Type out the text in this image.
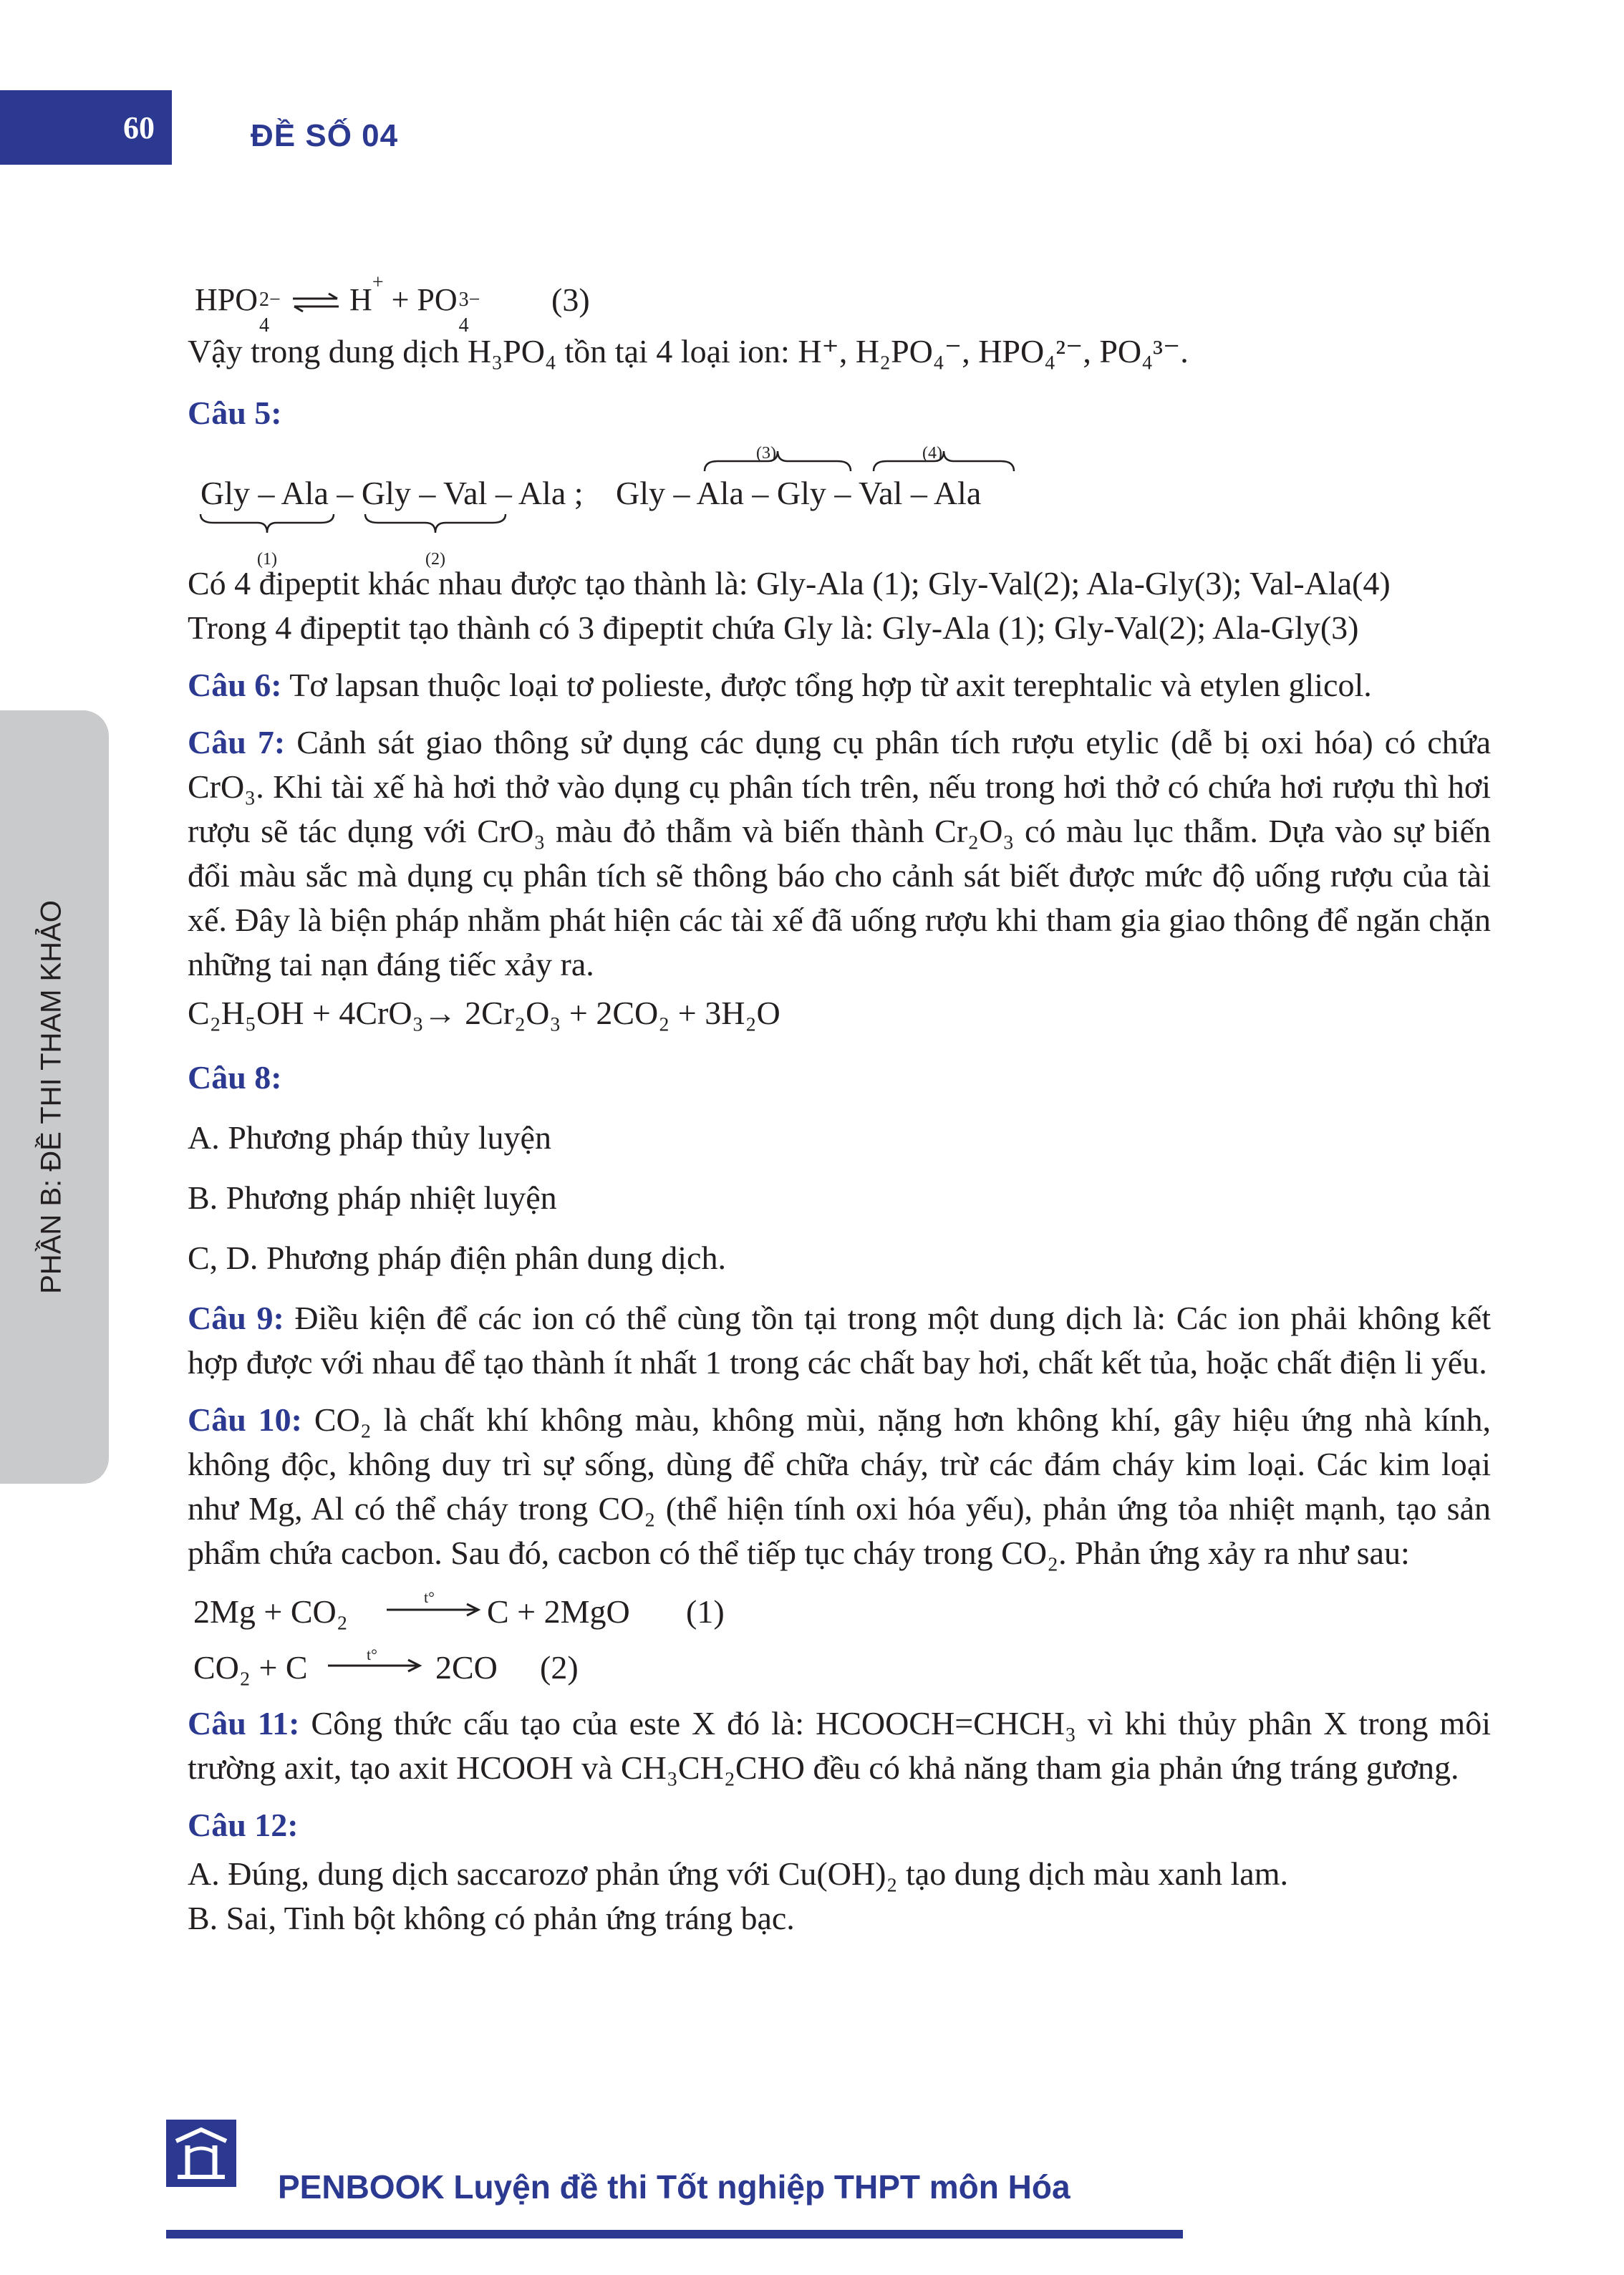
60	ĐỀ SỐ 04
PHẦN B: ĐỀ THI THAM KHẢO
HPO 2−
4
⇌ H+ + PO 3−
4
(3)

Vậy trong dung dịch H₃PO₄ tồn tại 4 loại ion: H⁺, H₂PO₄⁻, HPO₄²⁻, PO₄³⁻.

Câu 5:

Gly – Ala – Gly – Val – Ala ; Gly – Ala – Gly – Val – Ala
(1)	(2)
(3)	(4)

Có 4 đipeptit khác nhau được tạo thành là: Gly-Ala (1); Gly-Val(2); Ala-Gly(3); Val-Ala(4)

Trong 4 đipeptit tạo thành có 3 đipeptit chứa Gly là: Gly-Ala (1); Gly-Val(2); Ala-Gly(3)

Câu 6: Tơ lapsan thuộc loại tơ polieste, được tổng hợp từ axit terephtalic và etylen glicol.

Câu 7: Cảnh sát giao thông sử dụng các dụng cụ phân tích rượu etylic (dễ bị oxi hóa) có chứa CrO₃. Khi tài xế hà hơi thở vào dụng cụ phân tích trên, nếu trong hơi thở có chứa hơi rượu thì hơi rượu sẽ tác dụng với CrO₃ màu đỏ thẫm và biến thành Cr₂O₃ có màu lục thẫm. Dựa vào sự biến đổi màu sắc mà dụng cụ phân tích sẽ thông báo cho cảnh sát biết được mức độ uống rượu của tài xế. Đây là biện pháp nhằm phát hiện các tài xế đã uống rượu khi tham gia giao thông để ngăn chặn những tai nạn đáng tiếc xảy ra.

C₂H₅OH + 4CrO₃→ 2Cr₂O₃ + 2CO₂ + 3H₂O

Câu 8:

A. Phương pháp thủy luyện

B. Phương pháp nhiệt luyện

C, D. Phương pháp điện phân dung dịch.

Câu 9: Điều kiện để các ion có thể cùng tồn tại trong một dung dịch là: Các ion phải không kết hợp được với nhau để tạo thành ít nhất 1 trong các chất bay hơi, chất kết tủa, hoặc chất điện li yếu.

Câu 10: CO₂ là chất khí không màu, không mùi, nặng hơn không khí, gây hiệu ứng nhà kính, không độc, không duy trì sự sống, dùng để chữa cháy, trừ các đám cháy kim loại. Các kim loại như Mg, Al có thể cháy trong CO₂ (thể hiện tính oxi hóa yếu), phản ứng tỏa nhiệt mạnh, tạo sản phẩm chứa cacbon. Sau đó, cacbon có thể tiếp tục cháy trong CO₂. Phản ứng xảy ra như sau:

2Mg + CO₂	t° → C + 2MgO (1)
CO₂ + C	t° → 2CO (2)

Câu 11: Công thức cấu tạo của este X đó là: HCOOCH=CHCH₃ vì khi thủy phân X trong môi trường axit, tạo axit HCOOH và CH₃CH₂CHO đều có khả năng tham gia phản ứng tráng gương.

Câu 12:

A. Đúng, dung dịch saccarozơ phản ứng với Cu(OH)₂ tạo dung dịch màu xanh lam.

B. Sai, Tinh bột không có phản ứng tráng bạc.

PENBOOK Luyện đề thi Tốt nghiệp THPT môn Hóa
